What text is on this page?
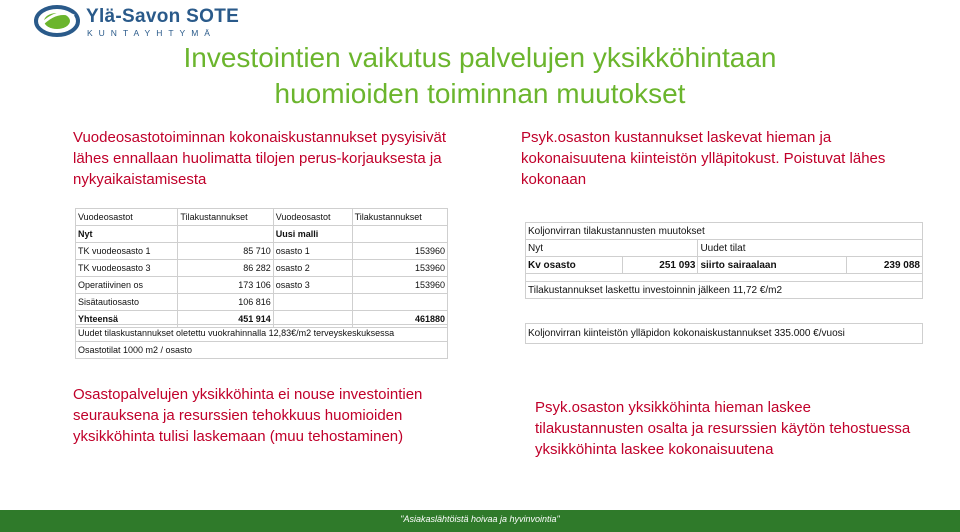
Ylä-Savon SOTE
KUNTAYHTYMÄ
Investointien vaikutus palvelujen yksikköhintaan
huomioiden toiminnan muutokset
Vuodeosastotoiminnan kokonaiskustannukset pysyisivät lähes ennallaan huolimatta tilojen perus-korjauksesta ja nykyaikaistamisesta
Psyk.osaston kustannukset laskevat hieman ja kokonaisuutena kiinteistön ylläpitokust. Poistuvat lähes kokonaan
Vuodeosastot	Tilakustannukset	Vuodeosastot	Tilakustannukset
Nyt		Uusi malli	
TK vuodeosasto 1	85 710	osasto 1	153960
TK vuodeosasto 3	86 282	osasto 2	153960
Operatiivinen os	173 106	osasto 3	153960
Sisätautiosasto	106 816		
Yhteensä	451 914		461880
Uudet tilaskustannukset oletettu vuokrahinnalla 12,83€/m2 terveyskeskuksessa
Osastotilat 1000 m2 / osasto
Koljonvirran tilakustannusten muutokset			
Nyt		Uudet tilat	
Kv osasto	251 093	siirto sairaalaan	239 088

Tilakustannukset laskettu investoinnin jälkeen 11,72 €/m2			
Koljonvirran kiinteistön ylläpidon kokonaiskustannukset 335.000 €/vuosi
Osastopalvelujen yksikköhinta ei nouse investointien seurauksena ja resurssien tehokkuus huomioiden yksikköhinta tulisi laskemaan (muu tehostaminen)
Psyk.osaston yksikköhinta hieman laskee tilakustannusten osalta ja resurssien käytön tehostuessa yksikköhinta laskee kokonaisuutena
"Asiakaslähtöistä hoivaa ja hyvinvointia"
